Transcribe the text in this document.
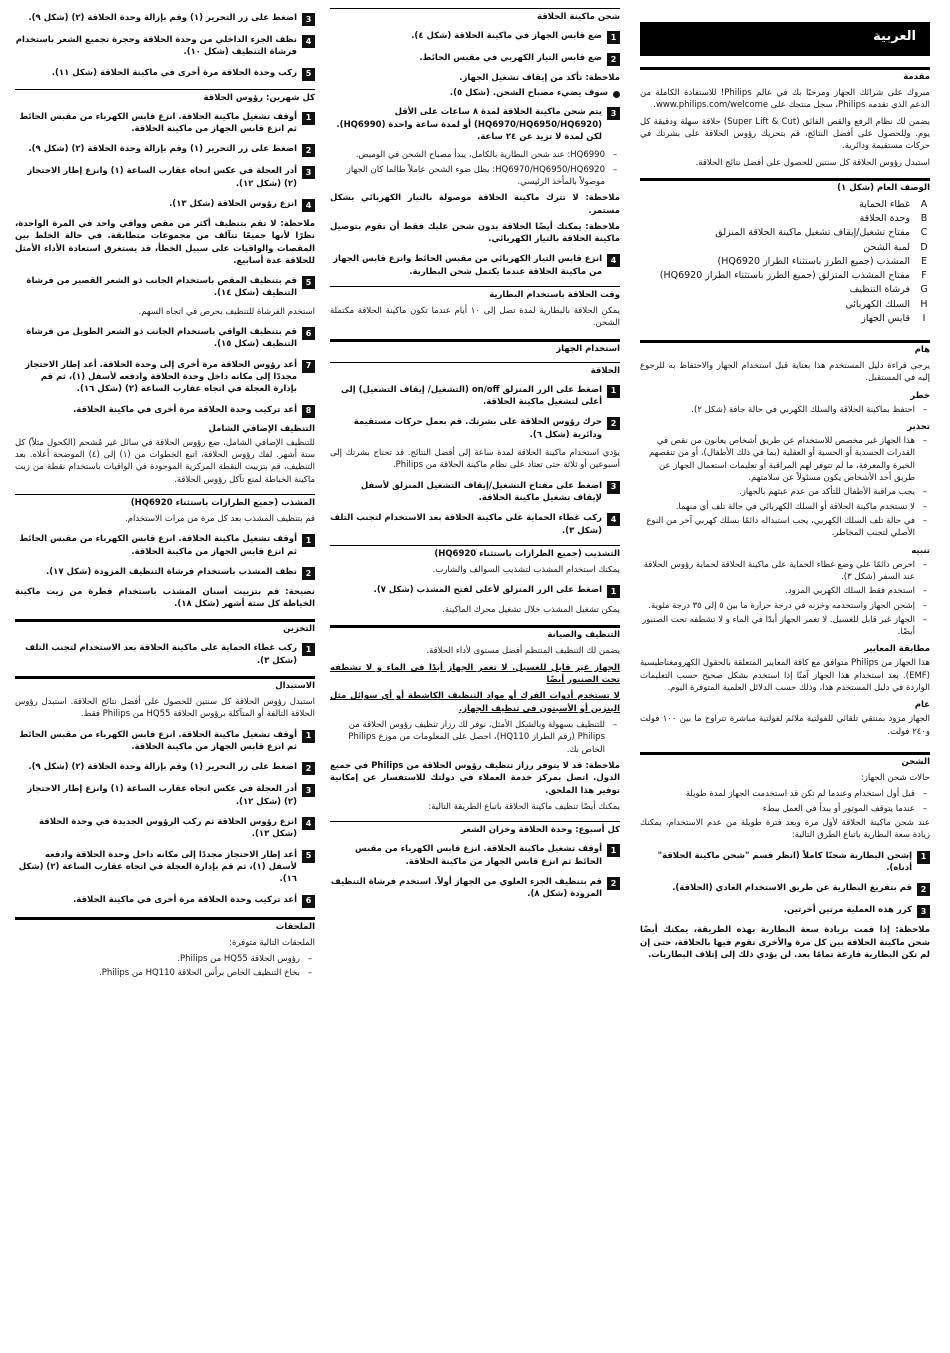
العربية
مقدمة

مبروك على شرائك الجهاز ومرحبًا بك في عالم Philips! للاستفادة الكاملة من الدعم الذي تقدمه Philips، سجل منتجك على www.philips.com/welcome.

يضمن لك نظام الرفع والقص الفائق (Super Lift & Cut) حلاقة سهلة ودقيقة كل يوم. وللحصول على أفضل النتائج، قم بتحريك رؤوس الحلاقة على بشرتك في حركات مستقيمة ودائرية.

استبدل رؤوس الحلاقة كل سنتين للحصول على أفضل نتائج الحلاقة.

الوصف العام (شكل ١)
A
غطاء الحماية
B
وحدة الحلاقة
C
مفتاح تشغيل/إيقاف تشغيل ماكينة الحلاقة المنزلق
D
لمبة الشحن
E
المشذب (جميع الطرز باستثناء الطراز HQ6920)
F
مفتاح المشذب المنزلق (جميع الطرز باستثناء الطراز HQ6920)
G
فرشاة التنظيف
H
السلك الكهربائي
I
قابس الجهاز
هام

يرجى قراءة دليل المستخدم هذا بعناية قبل استخدام الجهاز والاحتفاظ به للرجوع إليه في المستقبل.

خطر
–
احتفظ بماكينة الحلاقة والسلك الكهربي في حالة جافة (شكل ٢).
تحذير
–
هذا الجهاز غير مخصص للاستخدام عن طريق أشخاص يعانون من نقص في القدرات الجسدية أو الحسية أو العقلية (بما في ذلك الأطفال)، أو من تنقصهم الخبرة والمعرفة، ما لم تتوفر لهم المراقبة أو تعليمات استعمال الجهاز عن طريق أحد الأشخاص يكون مسئولاً عن سلامتهم.
–
يجب مراقبة الأطفال للتأكد من عدم عبثهم بالجهاز.
–
لا تستخدم ماكينة الحلاقة أو السلك الكهربائي في حالة تلف أي منهما.
–
في حالة تلف السلك الكهربي، يجب استبداله دائمًا بسلك كهربي آخر من النوع الأصلي لتجنب المخاطر.
تنبيه
–
احرص دائمًا على وضع غطاء الحماية على ماكينة الحلاقة لحماية رؤوس الحلاقة عند السفر (شكل ٣).
–
استخدم فقط السلك الكهربي المزود.
–
إشحن الجهاز واستخدمه وخزنه في درجة حرارة ما بين ٥ إلى ٣٥ درجة مئوية.
–
الجهاز غير قابل للغسيل. لا تغمر الجهاز أبدًا في الماء و لا تشطفه تحت الصنبور أيضًا.
مطابقة المعايير

هذا الجهاز من Philips متوافق مع كافة المعايير المتعلقة بالحقول الكهرومغناطيسية (EMF). يعد استخدام هذا الجهاز آمنًا إذا استخدم بشكل صحيح حسب التعليمات الواردة في دليل المستخدم هذا، وذلك حسب الدلائل العلمية المتوفرة اليوم.

عام

الجهاز مزود بمنتقي تلقائي للفولتية ملائم لفولتية مباشرة تتراوح ما بين ١٠٠ فولت و٢٤٠ فولت.

الشحن

حالات شحن الجهاز:

–
قبل أول استخدام وعندما لم تكن قد استخدمت الجهاز لمدة طويلة
–
عندما يتوقف الموتور أو يبدأ في العمل ببطء

عند شحن ماكينة الحلاقة لأول مرة وبعد فترة طويلة من عدم الاستخدام، يمكنك زيادة سعة البطارية باتباع الطرق التالية:

1
إشحن البطارية شحنًا كاملاً (انظر قسم "شحن ماكينة الحلاقة" أدناه).
2
قم بتفريغ البطارية عن طريق الاستخدام العادي (الحلاقة).
3
كرر هذه العملية مرتين أخرتين.

ملاحظة: إذا قمت بزيادة سعة البطارية بهذه الطريقة، يمكنك أيضًا شحن ماكينة الحلاقة بين كل مرة والأخرى تقوم فيها بالحلاقة، حتى إن لم تكن البطارية فارغة تمامًا بعد. لن يؤدي ذلك إلى إتلاف البطاريات.

شحن ماكينة الحلاقة
1
ضع قابس الجهاز في ماكينة الحلاقة (شكل ٤).
2
ضع قابس التيار الكهربي في مقبس الحائط.

ملاحظة: تأكد من إيقاف تشغيل الجهاز.

سوف يضيء مصباح الشحن. (شكل ٥).
3
يتم شحن ماكينة الحلاقة لمدة ٨ ساعات على الأقل (HQ6970/HQ6950/HQ6920) أو لمدة ساعة واحدة (HQ6990). لكن لمدة لا تزيد عن ٢٤ ساعة.
–
HQ6990: عند شحن البطارية بالكامل، يبدأ مصباح الشحن في الوميض.
–
HQ6970/HQ6950/HQ6920: يظل ضوء الشحن عاملاً طالما كان الجهاز موصولاً بالمأخذ الرئيسي.

ملاحظة: لا تترك ماكينة الحلاقة موصولة بالتيار الكهربائي بشكل مستمر.

ملاحظة: يمكنك أيضًا الحلاقة بدون شحن عليك فقط أن تقوم بتوصيل ماكينة الحلاقة بالتيار الكهربائي.

4
انزع قابس التيار الكهربائي من مقبس الحائط وانزع قابس الجهاز من ماكينة الحلاقة عندما يكتمل شحن البطارية.
وقت الحلاقة باستخدام البطارية

يمكن الحلاقة بالبطارية لمدة تصل إلى ١٠ أيام عندما تكون ماكينة الحلاقة مكتملة الشحن.

استخدام الجهاز
الحلاقة
1
اضغط على الزر المنزلق on/off (التشغيل/ إيقاف التشغيل) إلى أعلى لتشغيل ماكينة الحلاقة.
2
حرك رؤوس الحلاقة على بشرتك. قم بعمل حركات مستقيمة ودائرية (شكل ٦).

يؤدي استخدام ماكينة الحلاقة لمدة ساعة إلى أفضل النتائج. قد تحتاج بشرتك إلى أسبوعين أو ثلاثة حتى تعتاد على نظام ماكينة الحلاقة من Philips.

3
اضغط على مفتاح التشغيل/إيقاف التشغيل المنزلق لأسفل لإيقاف تشغيل ماكينة الحلاقة.
4
ركب غطاء الحماية على ماكينة الحلاقة بعد الاستخدام لتجنب التلف (شكل ٣).
التشذيب (جميع الطرازات باستثناء HQ6920)

يمكنك استخدام المشذب لتشذيب السوالف والشارب.

1
اضغط على الزر المنزلق لأعلى لفتح المشذب (شكل ٧).

يمكن تشغيل المشذب خلال تشغيل محرك الماكينة.

التنظيف والصيانة

يضمن لك التنظيف المنتظم أفضل مستوى لأداء الحلاقة.

الجهاز غير قابل للغسيل. لا تغمر الجهاز أبدًا في الماء و لا تشطفه تحت الصنبور أيضًا

لا تستخدم أدوات الفرك أو مواد التنظيف الكاشطة أو أي سوائل مثل البنزين أو الأسيتون في تنظيف الجهاز.

–
للتنظيف بسهولة وبالشكل الأمثل، نوفر لك رزاز تنظيف رؤوس الحلاقة من Philips (رقم الطراز HQ110)، احصل على المعلومات من موزع Philips الخاص بك.

ملاحظة: قد لا يتوفر رزاز تنظيف رؤوس الحلاقة من Philips في جميع الدول. اتصل بمركز خدمة العملاء في دولتك للاستفسار عن إمكانية توفير هذا الملحق.

يمكنك أيضًا تنظيف ماكينة الحلاقة باتباع الطريقة التالية:

كل أسبوع: وحدة الحلاقة وخزان الشعر
1
أوقف تشغيل ماكينة الحلاقة. انزع قابس الكهرباء من مقبس الحائط ثم انزع قابس الجهاز من ماكينة الحلاقة.
2
قم بتنظيف الجزء العلوي من الجهاز أولاً. استخدم فرشاة التنظيف المزودة (شكل ٨).
3
اضغط على زر التحرير (١) وقم بإزالة وحدة الحلاقة (٢) (شكل ٩).
4
نظف الجزء الداخلي من وحدة الحلاقة وحجرة تجميع الشعر باستخدام فرشاة التنظيف (شكل ١٠).
5
ركب وحدة الحلاقة مرة أخرى في ماكينة الحلاقة (شكل ١١).
كل شهرين: رؤوس الحلاقة
1
أوقف تشغيل ماكينة الحلاقة. انزع قابس الكهرباء من مقبس الحائط ثم انزع قابس الجهاز من ماكينة الحلاقة.
2
اضغط على زر التحرير (١) وقم بإزالة وحدة الحلاقة (٢) (شكل ٩).
3
أدر العجلة في عكس اتجاه عقارب الساعة (١) وانزع إطار الاحتجاز (٢) (شكل ١٢).
4
انزع رؤوس الحلاقة (شكل ١٣).

ملاحظة: لا تقم بتنظيف أكثر من مقص وواقي واحد في المرة الواحدة، نظرًا لأنها جميعًا تتآلف من مجموعات متطابقة. في حالة الخلط بين المقصات والواقيات على سبيل الخطأ، قد يستغرق استعادة الأداء الأمثل للحلاقة عدة أسابيع.

5
قم بتنظيف المقص باستخدام الجانب ذو الشعر القصير من فرشاة التنظيف (شكل ١٤).

استخدم الفرشاة للتنظيف بحرص في اتجاه السهم.

6
قم بتنظيف الواقي باستخدام الجانب ذو الشعر الطويل من فرشاة التنظيف (شكل ١٥).
7
أعد رؤوس الحلاقة مرة أخرى إلى وحدة الحلاقة. أعد إطار الاحتجاز مجددًا إلى مكانه داخل وحدة الحلاقة وادفعه لأسفل (١)، ثم قم بإدارة العجلة في اتجاه عقارب الساعة (٢) (شكل ١٦).
8
أعد تركيب وحدة الحلاقة مرة أخرى في ماكينة الحلاقة.
التنظيف الإضافي الشامل

للتنظيف الإضافي الشامل، ضع رؤوس الحلاقة في سائل غير مُشحم (الكحول مثلاً) كل ستة أشهر. لفك رؤوس الحلاقة، اتبع الخطوات من (١) إلى (٤) الموضحة أعلاه. بعد التنظيف، قم بتزييت النقطة المركزية الموجودة في الواقيات باستخدام نقطة من زيت ماكينة الخياطة لمنع تآكل رؤوس الحلاقة.

المشذب (جميع الطرازات باستثناء HQ6920)

قم بتنظيف المشذب بعد كل مرة من مرات الاستخدام.

1
أوقف تشغيل ماكينة الحلاقة. انزع قابس الكهرباء من مقبس الحائط ثم انزع قابس الجهاز من ماكينة الحلاقة.
2
نظف المشذب باستخدام فرشاة التنظيف المزودة (شكل ١٧).

نصيحة: قم بتزييت أسنان المشذب باستخدام قطرة من زيت ماكينة الخياطة كل ستة أشهر (شكل ١٨).

التخزين
1
ركب غطاء الحماية على ماكينة الحلاقة بعد الاستخدام لتجنب التلف (شكل ٣).
الاستبدال

استبدل رؤوس الحلاقة كل سنتين للحصول على أفضل نتائج الحلاقة. استبدل رؤوس الحلاقة التالفة أو المتآكلة برؤوس الحلاقة HQ55 من Philips فقط.

1
أوقف تشغيل ماكينة الحلاقة. انزع قابس الكهرباء من مقبس الحائط ثم انزع قابس الجهاز من ماكينة الحلاقة.
2
اضغط على زر التحرير (١) وقم بإزالة وحدة الحلاقة (٢) (شكل ٩).
3
أدر العجلة في عكس اتجاه عقارب الساعة (١) وانزع إطار الاحتجاز (٢) (شكل ١٢).
4
انزع رؤوس الحلاقة ثم ركب الرؤوس الجديدة في وحدة الحلاقة (شكل ١٣).
5
أعد إطار الاحتجاز مجددًا إلى مكانه داخل وحدة الحلاقة وادفعه لأسفل (١)، ثم قم بإدارة العجلة في اتجاه عقارب الساعة (٢) (شكل ١٦).
6
أعد تركيب وحدة الحلاقة مرة أخرى في ماكينة الحلاقة.
الملحقات

الملحقات التالية متوفرة:

–
رؤوس الحلاقة HQ55 من Philips.
–
بخاخ التنظيف الخاص برأس الحلاقة HQ110 من Philips.
